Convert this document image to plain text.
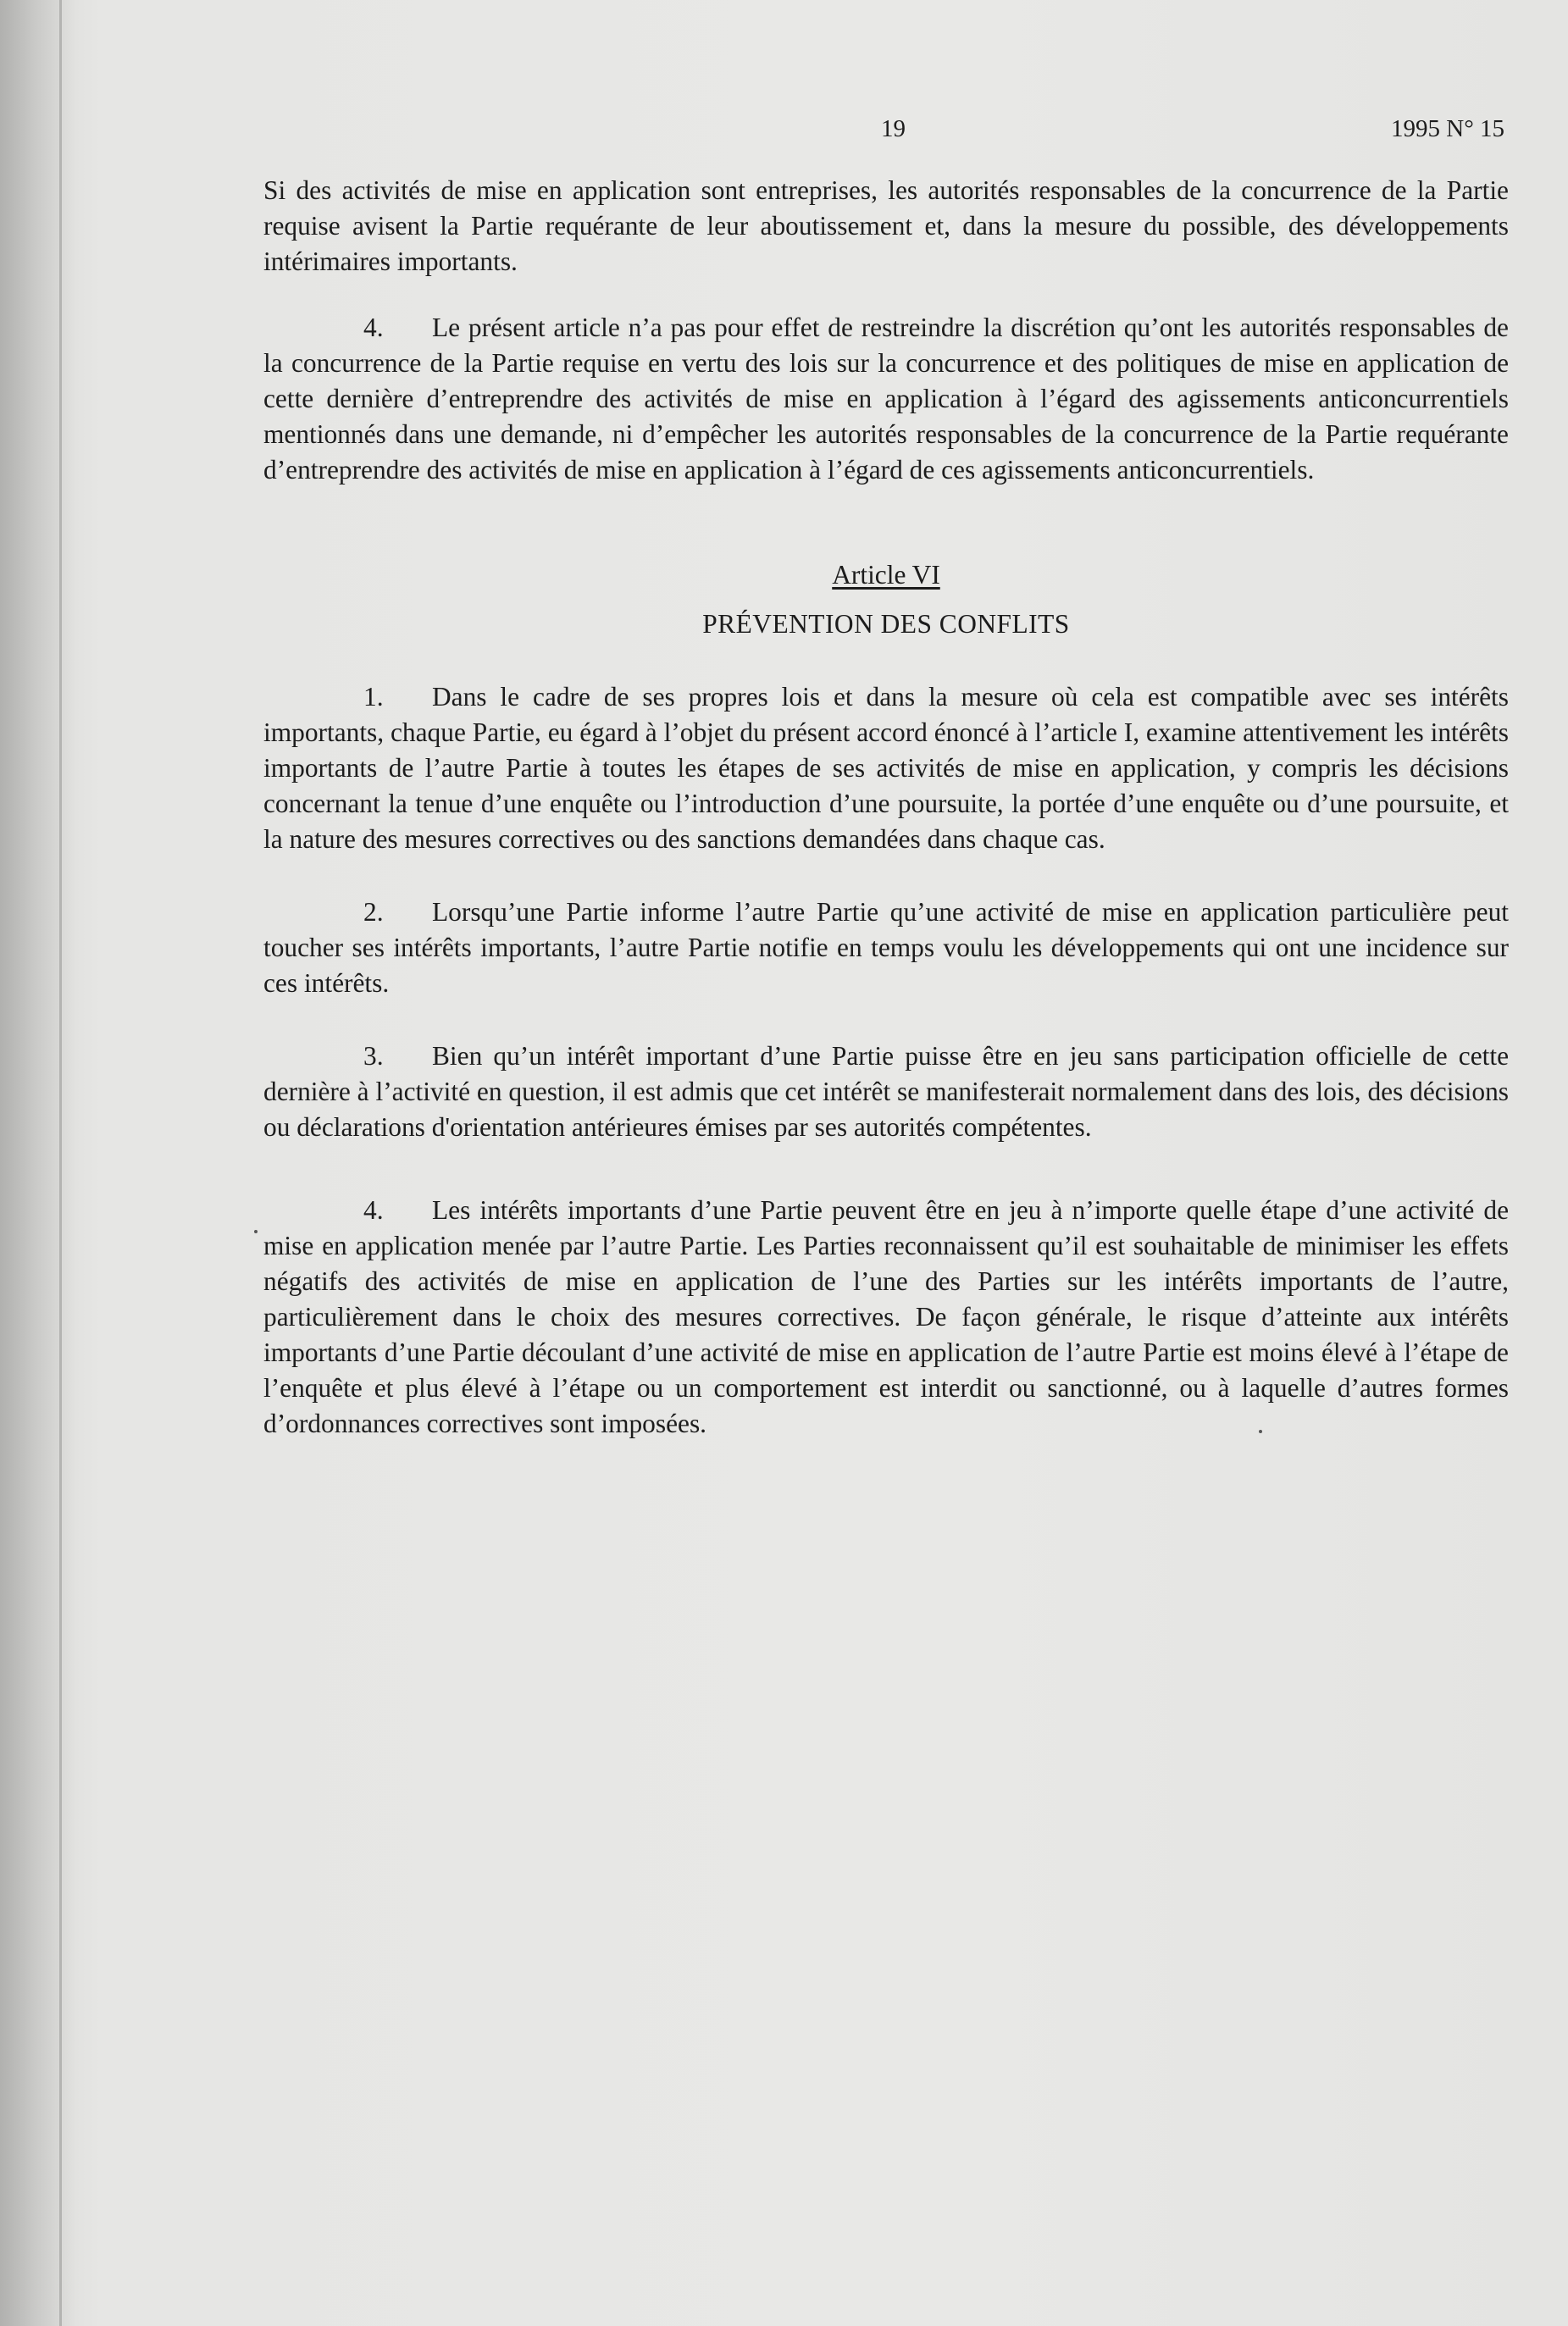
19	1995 N° 15

Si des activités de mise en application sont entreprises, les autorités responsables de la concurrence de la Partie requise avisent la Partie requérante de leur aboutissement et, dans la mesure du possible, des développements intérimaires importants.

4. Le présent article n’a pas pour effet de restreindre la discrétion qu’ont les autorités responsables de la concurrence de la Partie requise en vertu des lois sur la concurrence et des politiques de mise en application de cette dernière d’entreprendre des activités de mise en application à l’égard des agissements anticoncurrentiels mentionnés dans une demande, ni d’empêcher les autorités responsables de la concurrence de la Partie requérante d’entreprendre des activités de mise en application à l’égard de ces agissements anticoncurrentiels.

Article VI
PRÉVENTION DES CONFLITS

1. Dans le cadre de ses propres lois et dans la mesure où cela est compatible avec ses intérêts importants, chaque Partie, eu égard à l’objet du présent accord énoncé à l’article I, examine attentivement les intérêts importants de l’autre Partie à toutes les étapes de ses activités de mise en application, y compris les décisions concernant la tenue d’une enquête ou l’introduction d’une poursuite, la portée d’une enquête ou d’une poursuite, et la nature des mesures correctives ou des sanctions demandées dans chaque cas.

2. Lorsqu’une Partie informe l’autre Partie qu’une activité de mise en application particulière peut toucher ses intérêts importants, l’autre Partie notifie en temps voulu les développements qui ont une incidence sur ces intérêts.

3. Bien qu’un intérêt important d’une Partie puisse être en jeu sans participation officielle de cette dernière à l’activité en question, il est admis que cet intérêt se manifesterait normalement dans des lois, des décisions ou déclarations d'orientation antérieures émises par ses autorités compétentes.

4. Les intérêts importants d’une Partie peuvent être en jeu à n’importe quelle étape d’une activité de mise en application menée par l’autre Partie. Les Parties reconnaissent qu’il est souhaitable de minimiser les effets négatifs des activités de mise en application de l’une des Parties sur les intérêts importants de l’autre, particulièrement dans le choix des mesures correctives. De façon générale, le risque d’atteinte aux intérêts importants d’une Partie découlant d’une activité de mise en application de l’autre Partie est moins élevé à l’étape de l’enquête et plus élevé à l’étape ou un comportement est interdit ou sanctionné, ou à laquelle d’autres formes d’ordonnances correctives sont imposées.
